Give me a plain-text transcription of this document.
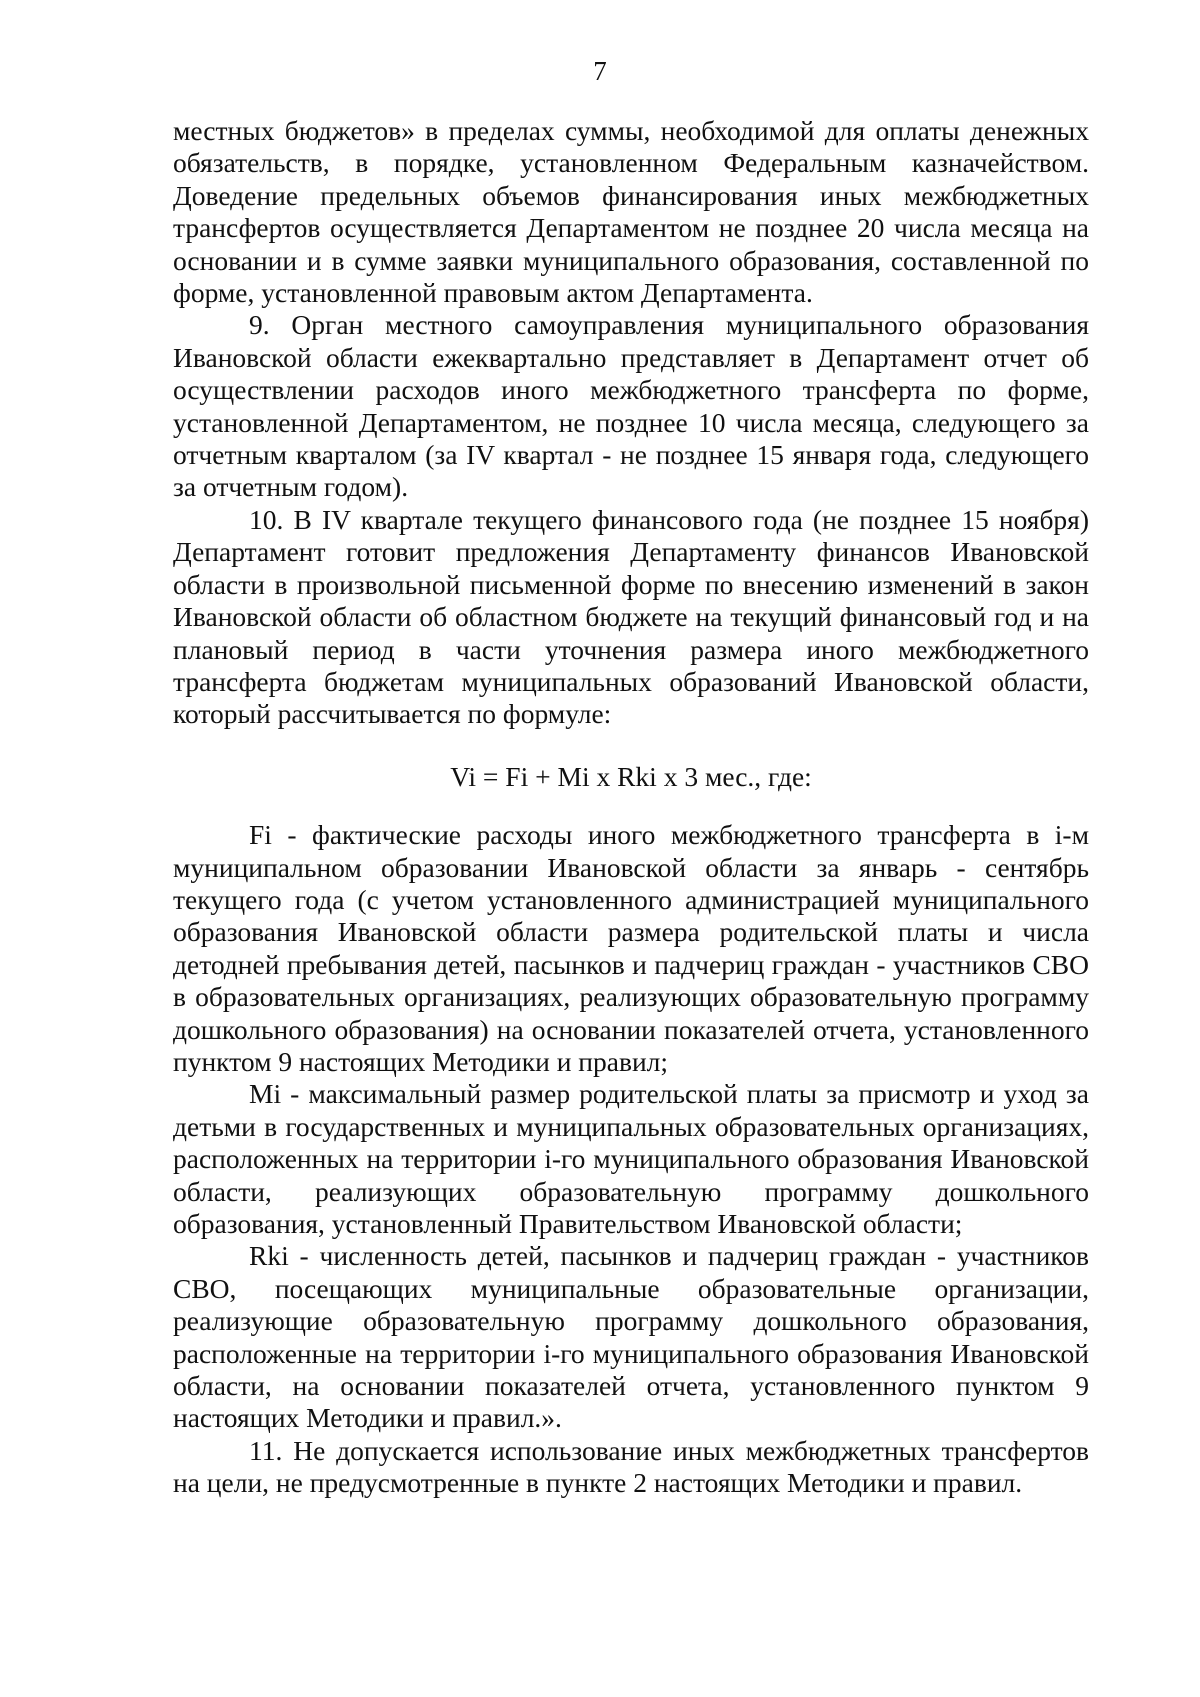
7

местных бюджетов» в пределах суммы, необходимой для оплаты денежных обязательств, в порядке, установленном Федеральным казначейством. Доведение предельных объемов финансирования иных межбюджетных трансфертов осуществляется Департаментом не позднее 20 числа месяца на основании и в сумме заявки муниципального образования, составленной по форме, установленной правовым актом Департамента.

9. Орган местного самоуправления муниципального образования Ивановской области ежеквартально представляет в Департамент отчет об осуществлении расходов иного межбюджетного трансферта по форме, установленной Департаментом, не позднее 10 числа месяца, следующего за отчетным кварталом (за IV квартал - не позднее 15 января года, следующего за отчетным годом).

10. В IV квартале текущего финансового года (не позднее 15 ноября) Департамент готовит предложения Департаменту финансов Ивановской области в произвольной письменной форме по внесению изменений в закон Ивановской области об областном бюджете на текущий финансовый год и на плановый период в части уточнения размера иного межбюджетного трансферта бюджетам муниципальных образований Ивановской области, который рассчитывается по формуле:

Vi = Fi + Mi x Rki x 3 мес., где:

Fi - фактические расходы иного межбюджетного трансферта в i-м муниципальном образовании Ивановской области за январь - сентябрь текущего года (с учетом установленного администрацией муниципального образования Ивановской области размера родительской платы и числа детодней пребывания детей, пасынков и падчериц граждан - участников СВО в образовательных организациях, реализующих образовательную программу дошкольного образования) на основании показателей отчета, установленного пунктом 9 настоящих Методики и правил;

Mi - максимальный размер родительской платы за присмотр и уход за детьми в государственных и муниципальных образовательных организациях, расположенных на территории i-го муниципального образования Ивановской области, реализующих образовательную программу дошкольного образования, установленный Правительством Ивановской области;

Rki - численность детей, пасынков и падчериц граждан - участников СВО, посещающих муниципальные образовательные организации, реализующие образовательную программу дошкольного образования, расположенные на территории i-го муниципального образования Ивановской области, на основании показателей отчета, установленного пунктом 9 настоящих Методики и правил.».

11. Не допускается использование иных межбюджетных трансфертов на цели, не предусмотренные в пункте 2 настоящих Методики и правил.
